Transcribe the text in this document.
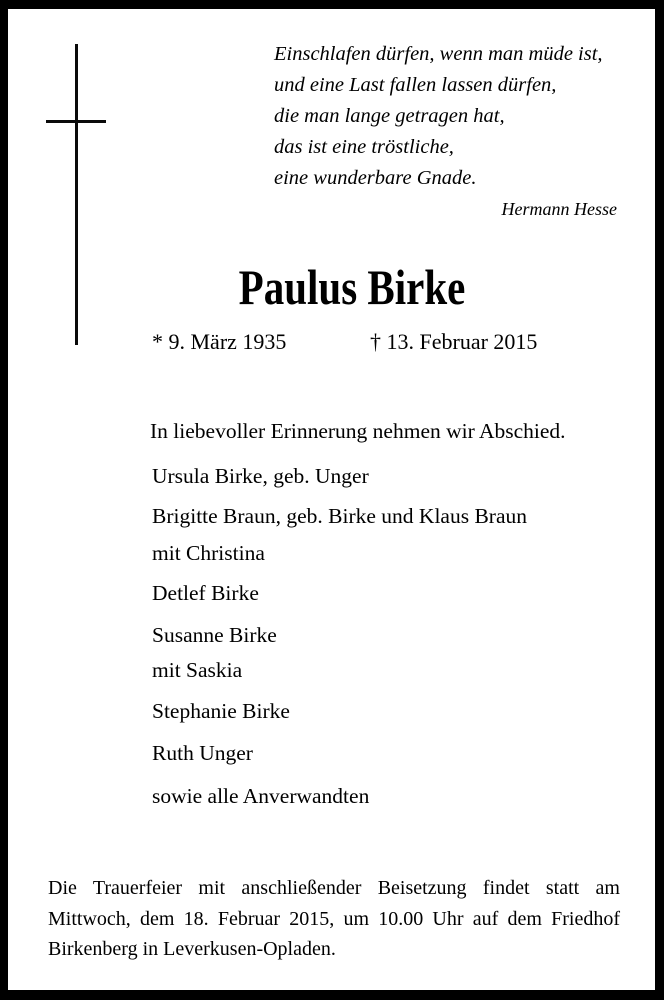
Einschlafen dürfen, wenn man müde ist,
und eine Last fallen lassen dürfen,
die man lange getragen hat,
das ist eine tröstliche,
eine wunderbare Gnade.
Hermann Hesse
Paulus Birke
* 9. März 1935	† 13. Februar 2015
In liebevoller Erinnerung nehmen wir Abschied.
Ursula Birke, geb. Unger
Brigitte Braun, geb. Birke und Klaus Braun
mit Christina
Detlef Birke
Susanne Birke
mit Saskia
Stephanie Birke
Ruth Unger
sowie alle Anverwandten
Die Trauerfeier mit anschließender Beisetzung findet statt am
Mittwoch, dem 18. Februar 2015, um 10.00 Uhr auf dem Friedhof
Birkenberg in Leverkusen-Opladen.
